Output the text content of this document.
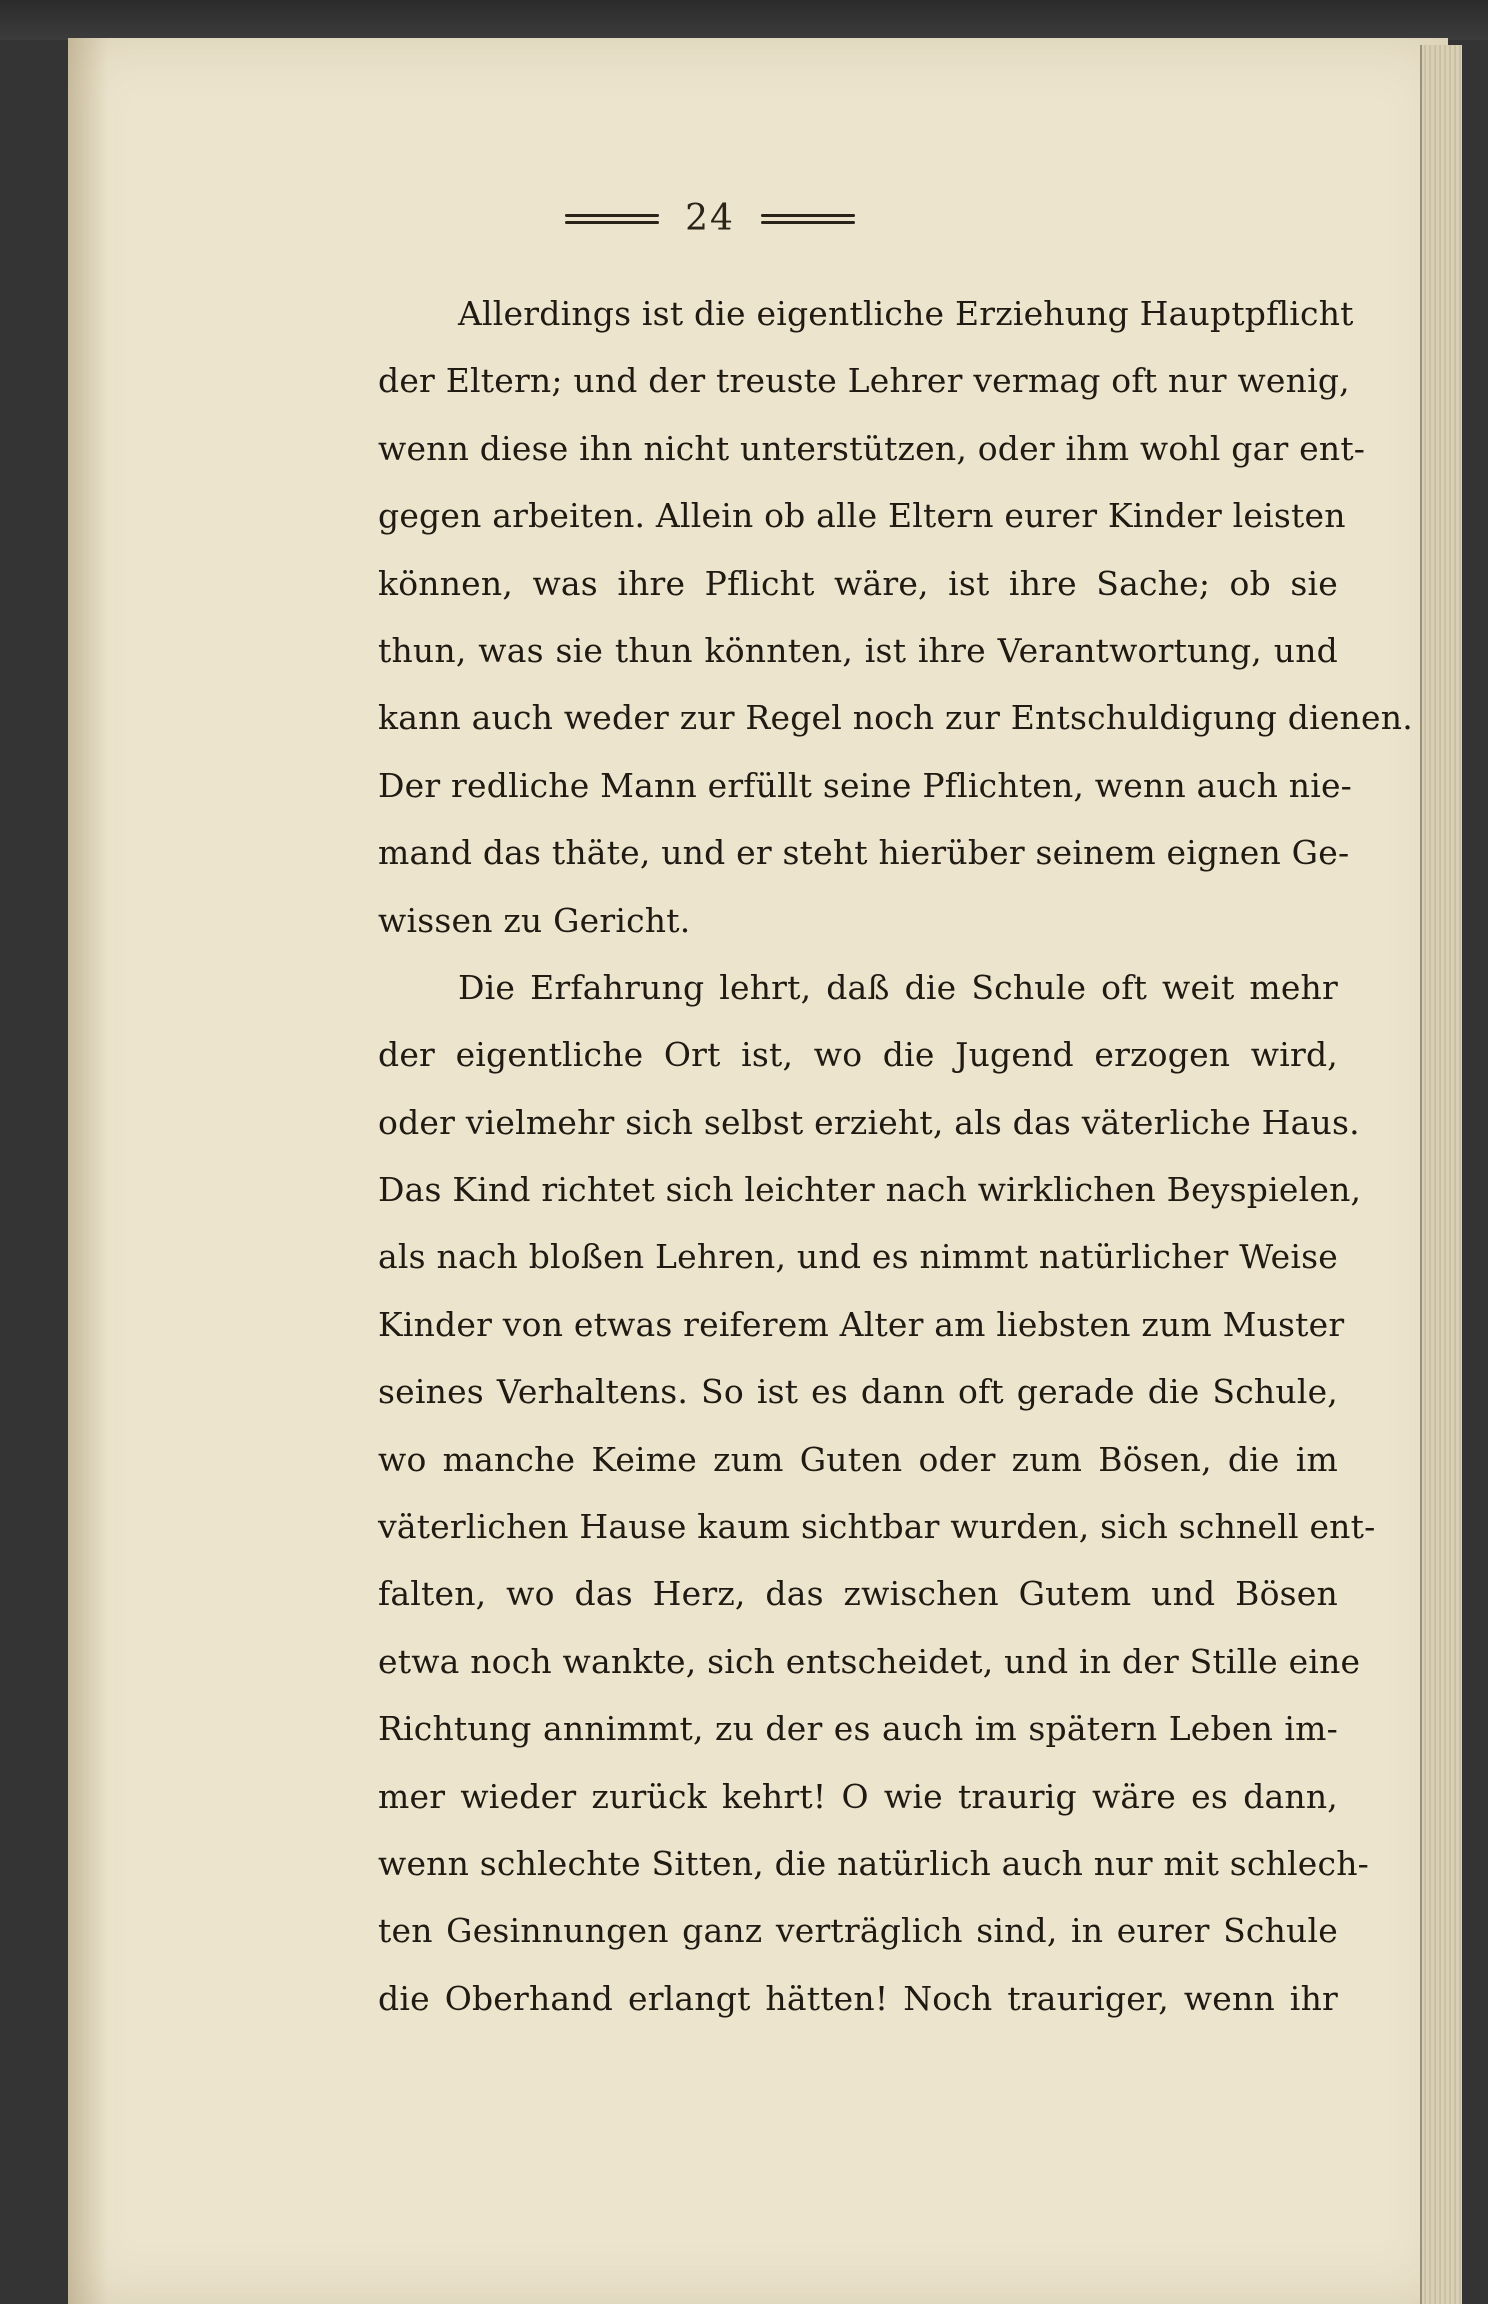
24
Allerdings ist die eigentliche Erziehung Hauptpflicht
der Eltern; und der treuste Lehrer vermag oft nur wenig,
wenn diese ihn nicht unterstützen, oder ihm wohl gar ent-
gegen arbeiten. Allein ob alle Eltern eurer Kinder leisten
können, was ihre Pflicht wäre, ist ihre Sache; ob sie
thun, was sie thun könnten, ist ihre Verantwortung, und
kann auch weder zur Regel noch zur Entschuldigung dienen.
Der redliche Mann erfüllt seine Pflichten, wenn auch nie-
mand das thäte, und er steht hierüber seinem eignen Ge-
wissen zu Gericht.
Die Erfahrung lehrt, daß die Schule oft weit mehr
der eigentliche Ort ist, wo die Jugend erzogen wird,
oder vielmehr sich selbst erzieht, als das väterliche Haus.
Das Kind richtet sich leichter nach wirklichen Beyspielen,
als nach bloßen Lehren, und es nimmt natürlicher Weise
Kinder von etwas reiferem Alter am liebsten zum Muster
seines Verhaltens. So ist es dann oft gerade die Schule,
wo manche Keime zum Guten oder zum Bösen, die im
väterlichen Hause kaum sichtbar wurden, sich schnell ent-
falten, wo das Herz, das zwischen Gutem und Bösen
etwa noch wankte, sich entscheidet, und in der Stille eine
Richtung annimmt, zu der es auch im spätern Leben im-
mer wieder zurück kehrt! O wie traurig wäre es dann,
wenn schlechte Sitten, die natürlich auch nur mit schlech-
ten Gesinnungen ganz verträglich sind, in eurer Schule
die Oberhand erlangt hätten! Noch trauriger, wenn ihr
